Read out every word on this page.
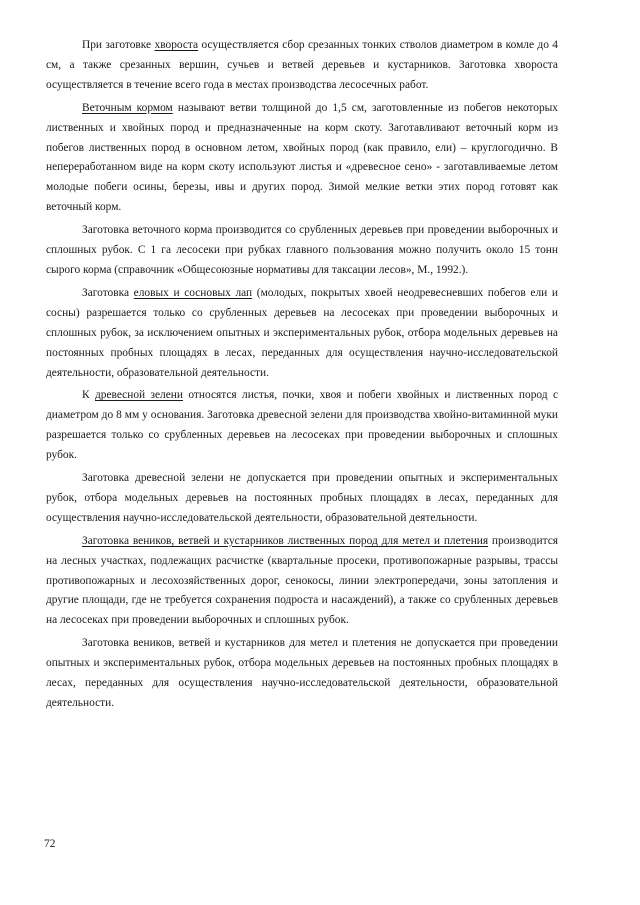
При заготовке хвороста осуществляется сбор срезанных тонких стволов диаметром в комле до 4 см, а также срезанных вершин, сучьев и ветвей деревьев и кустарников. Заготовка хвороста осуществляется в течение всего года в местах производства лесосечных работ.

Веточным кормом называют ветви толщиной до 1,5 см, заготовленные из побегов некоторых лиственных и хвойных пород и предназначенные на корм скоту. Заготавливают веточный корм из побегов лиственных пород в основном летом, хвойных пород (как правило, ели) – круглогодично. В непереработанном виде на корм скоту используют листья и «древесное сено» - заготавливаемые летом молодые побеги осины, березы, ивы и других пород. Зимой мелкие ветки этих пород готовят как веточный корм.

Заготовка веточного корма производится со срубленных деревьев при проведении выборочных и сплошных рубок. С 1 га лесосеки при рубках главного пользования можно получить около 15 тонн сырого корма (справочник «Общесоюзные нормативы для таксации лесов», М., 1992.).

Заготовка еловых и сосновых лап (молодых, покрытых хвоей неодревесневших побегов ели и сосны) разрешается только со срубленных деревьев на лесосеках при проведении выборочных и сплошных рубок, за исключением опытных и экспериментальных рубок, отбора модельных деревьев на постоянных пробных площадях в лесах, переданных для осуществления научно-исследовательской деятельности, образовательной деятельности.

К древесной зелени относятся листья, почки, хвоя и побеги хвойных и лиственных пород с диаметром до 8 мм у основания. Заготовка древесной зелени для производства хвойно-витаминной муки разрешается только со срубленных деревьев на лесосеках при проведении выборочных и сплошных рубок.

Заготовка древесной зелени не допускается при проведении опытных и экспериментальных рубок, отбора модельных деревьев на постоянных пробных площадях в лесах, переданных для осуществления научно-исследовательской деятельности, образовательной деятельности.

Заготовка веников, ветвей и кустарников лиственных пород для метел и плетения производится на лесных участках, подлежащих расчистке (квартальные просеки, противопожарные разрывы, трассы противопожарных и лесохозяйственных дорог, сенокосы, линии электропередачи, зоны затопления и другие площади, где не требуется сохранения подроста и насаждений), а также со срубленных деревьев на лесосеках при проведении выборочных и сплошных рубок.

Заготовка веников, ветвей и кустарников для метел и плетения не допускается при проведении опытных и экспериментальных рубок, отбора модельных деревьев на постоянных пробных площадях в лесах, переданных для осуществления научно-исследовательской деятельности, образовательной деятельности.

72
